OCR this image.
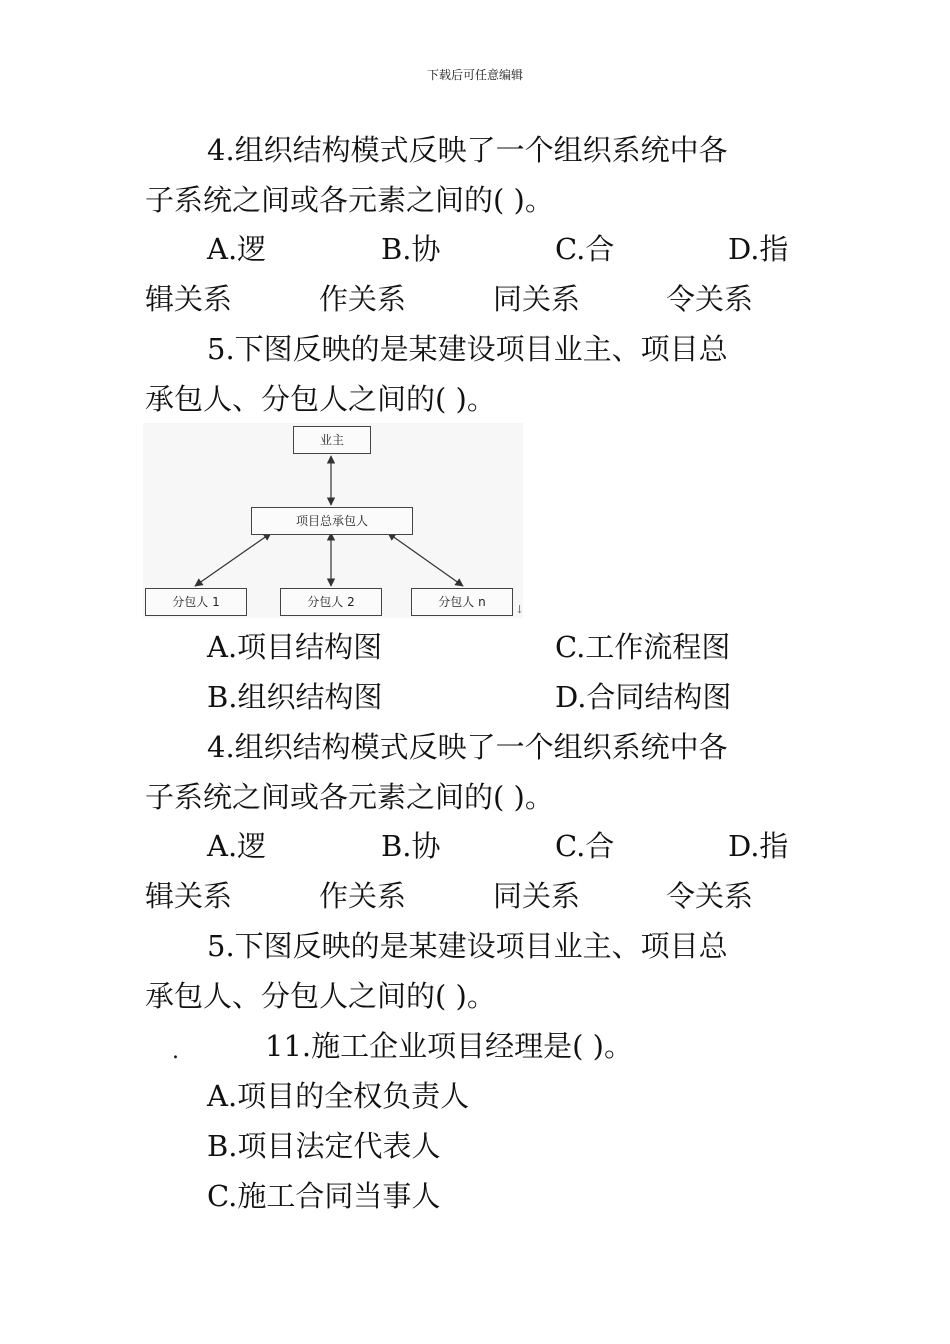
下载后可任意编辑
4.组织结构模式反映了一个组织系统中各
子系统之间或各元素之间的( )。
A.逻	B.协	C.合	D.指
辑关系	作关系	同关系	令关系
5.下图反映的是某建设项目业主、项目总
承包人、分包人之间的( )。
业主
项目总承包人
分包人 1	分包人 2	分包人 n
↓
A.项目结构图	C.工作流程图
B.组织结构图	D.合同结构图
4.组织结构模式反映了一个组织系统中各
子系统之间或各元素之间的( )。
A.逻	B.协	C.合	D.指
辑关系	作关系	同关系	令关系
5.下图反映的是某建设项目业主、项目总
承包人、分包人之间的( )。
.	11.施工企业项目经理是( )。
A.项目的全权负责人
B.项目法定代表人
C.施工合同当事人
